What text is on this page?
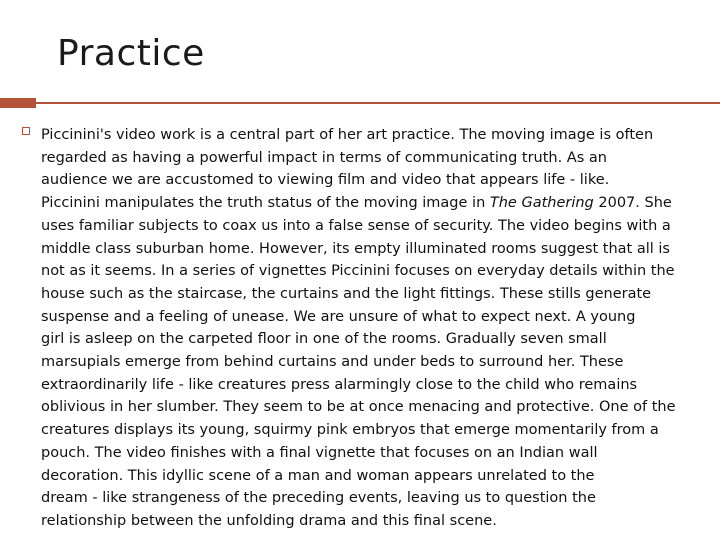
Practice

Piccinini's video work is a central part of her art practice. The moving image is often
regarded as having a powerful impact in terms of communicating truth. As an
audience we are accustomed to viewing film and video that appears life - like.
Piccinini manipulates the truth status of the moving image in The Gathering 2007. She
uses familiar subjects to coax us into a false sense of security. The video begins with a
middle class suburban home. However, its empty illuminated rooms suggest that all is
not as it seems. In a series of vignettes Piccinini focuses on everyday details within the
house such as the staircase, the curtains and the light fittings. These stills generate
suspense and a feeling of unease. We are unsure of what to expect next. A young
girl is asleep on the carpeted floor in one of the rooms. Gradually seven small
marsupials emerge from behind curtains and under beds to surround her. These
extraordinarily life - like creatures press alarmingly close to the child who remains
oblivious in her slumber. They seem to be at once menacing and protective. One of the
creatures displays its young, squirmy pink embryos that emerge momentarily from a
pouch. The video finishes with a final vignette that focuses on an Indian wall
decoration. This idyllic scene of a man and woman appears unrelated to the
dream - like strangeness of the preceding events, leaving us to question the
relationship between the unfolding drama and this final scene.
